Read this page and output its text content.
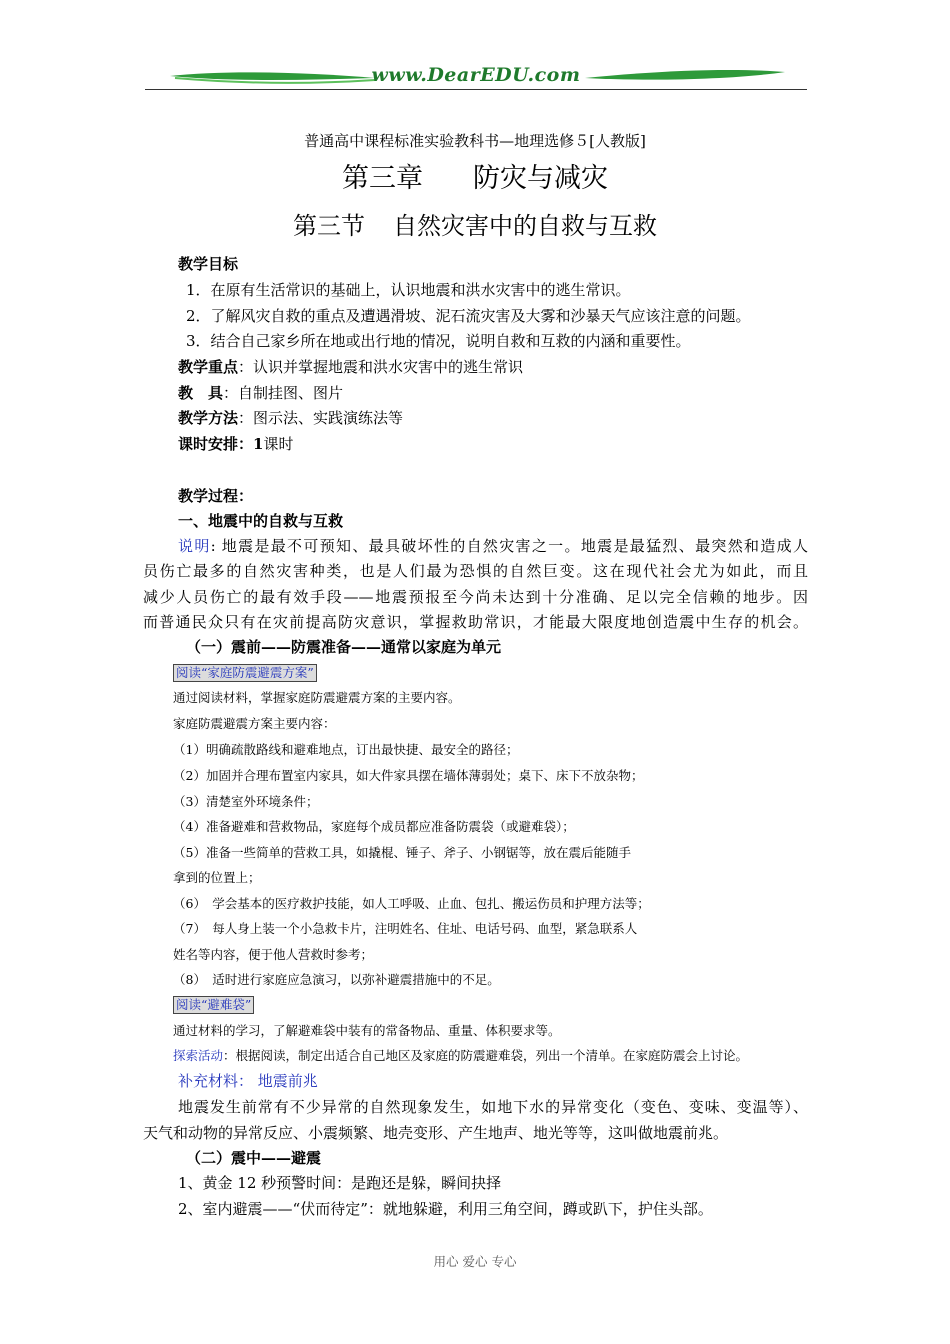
www.DearEDU.com
普通高中课程标准实验教科书—地理选修５[人教版]
第三章 防灾与减灾
第三节 自然灾害中的自救与互救
教学目标
1．在原有生活常识的基础上，认识地震和洪水灾害中的逃生常识。
2．了解风灾自救的重点及遭遇滑坡、泥石流灾害及大雾和沙暴天气应该注意的问题。
3．结合自己家乡所在地或出行地的情况，说明自救和互救的内涵和重要性。
教学重点：认识并掌握地震和洪水灾害中的逃生常识
教　具：自制挂图、图片
教学方法：图示法、实践演练法等
课时安排：1课时
教学过程：
一、地震中的自救与互救
说明: 地震是最不可预知、最具破坏性的自然灾害之一。地震是最猛烈、最突然和造成人
员伤亡最多的自然灾害种类，也是人们最为恐惧的自然巨变。这在现代社会尤为如此，而且
减少人员伤亡的最有效手段——地震预报至今尚未达到十分准确、足以完全信赖的地步。因
而普通民众只有在灾前提高防灾意识，掌握救助常识，才能最大限度地创造震中生存的机会。
（一）震前——防震准备——通常以家庭为单元
阅读“家庭防震避震方案”
通过阅读材料，掌握家庭防震避震方案的主要内容。
家庭防震避震方案主要内容：
（1）明确疏散路线和避难地点，订出最快捷、最安全的路径；
（2）加固并合理布置室内家具，如大件家具摆在墙体薄弱处；桌下、床下不放杂物；
（3）清楚室外环境条件；
（4）准备避难和营救物品，家庭每个成员都应准备防震袋（或避难袋）；
（5）准备一些简单的营救工具，如撬棍、锤子、斧子、小钢锯等，放在震后能随手
拿到的位置上；
（6）　学会基本的医疗救护技能，如人工呼吸、止血、包扎、搬运伤员和护理方法等；
（7）　每人身上装一个小急救卡片，注明姓名、住址、电话号码、血型，紧急联系人
姓名等内容，便于他人营救时参考；
（8）　适时进行家庭应急演习，以弥补避震措施中的不足。
阅读“避难袋”
通过材料的学习，了解避难袋中装有的常备物品、重量、体积要求等。
探索活动：根据阅读，制定出适合自己地区及家庭的防震避难袋，列出一个清单。在家庭防震会上讨论。
补充材料： 地震前兆
地震发生前常有不少异常的自然现象发生，如地下水的异常变化（变色、变味、变温等）、
天气和动物的异常反应、小震频繁、地壳变形、产生地声、地光等等，这叫做地震前兆。
（二）震中——避震
1、黄金 12 秒预警时间：是跑还是躲，瞬间抉择
2、室内避震——“伏而待定”：就地躲避，利用三角空间，蹲或趴下，护住头部。
用心 爱心 专心
